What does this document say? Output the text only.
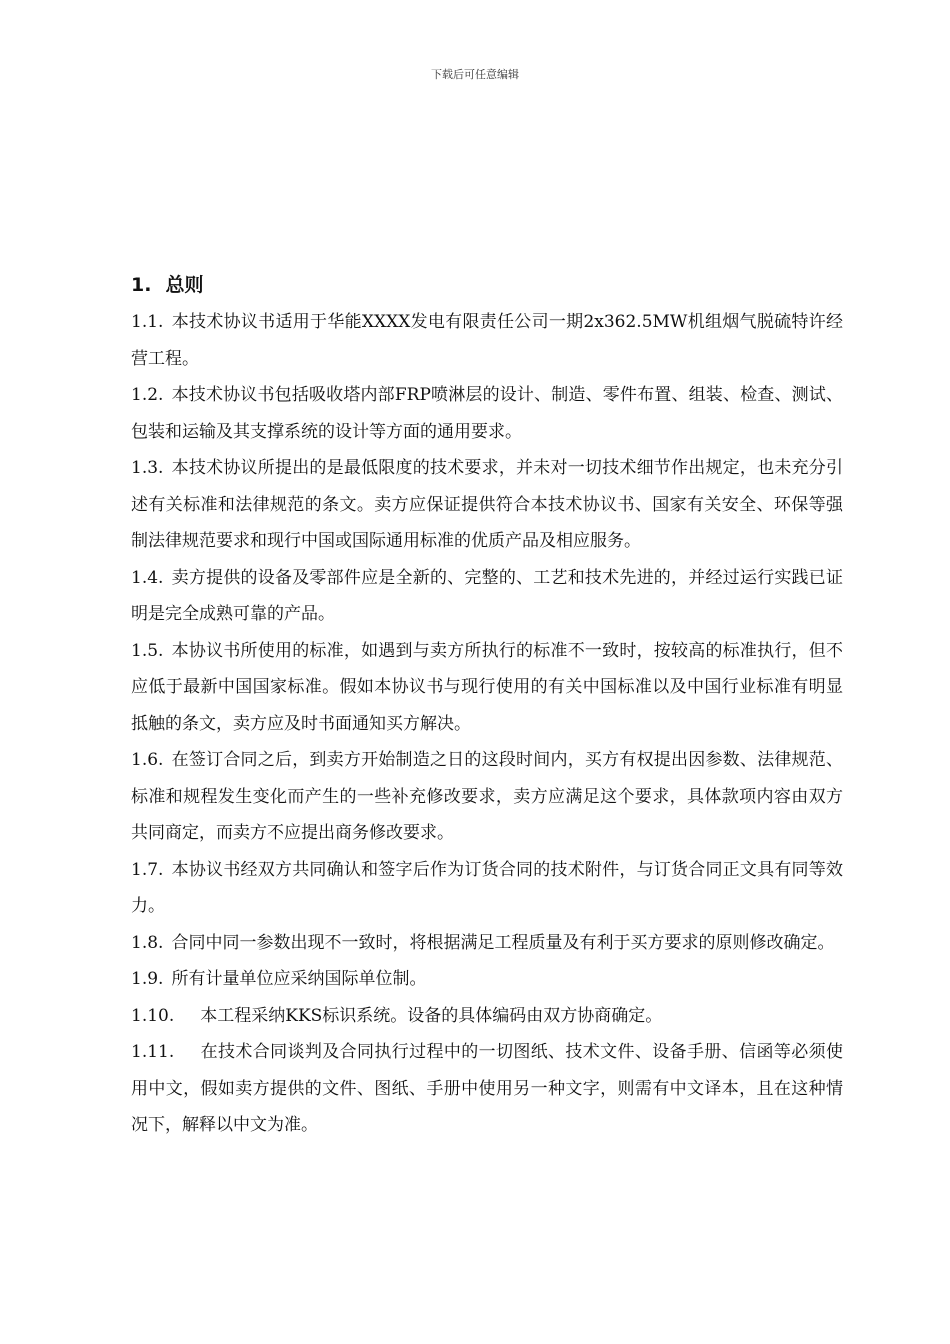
下载后可任意编辑
1. 总则

1.1. 本技术协议书适用于华能XXXX发电有限责任公司一期2x362.5MW机组烟气脱硫特许经营工程。

1.2. 本技术协议书包括吸收塔内部FRP喷淋层的设计、制造、零件布置、组装、检查、测试、包装和运输及其支撑系统的设计等方面的通用要求。

1.3. 本技术协议所提出的是最低限度的技术要求，并未对一切技术细节作出规定，也未充分引述有关标准和法律规范的条文。卖方应保证提供符合本技术协议书、国家有关安全、环保等强制法律规范要求和现行中国或国际通用标准的优质产品及相应服务。

1.4. 卖方提供的设备及零部件应是全新的、完整的、工艺和技术先进的，并经过运行实践已证明是完全成熟可靠的产品。

1.5. 本协议书所使用的标准，如遇到与卖方所执行的标准不一致时，按较高的标准执行，但不应低于最新中国国家标准。假如本协议书与现行使用的有关中国标准以及中国行业标准有明显抵触的条文，卖方应及时书面通知买方解决。

1.6. 在签订合同之后，到卖方开始制造之日的这段时间内，买方有权提出因参数、法律规范、标准和规程发生变化而产生的一些补充修改要求，卖方应满足这个要求，具体款项内容由双方共同商定，而卖方不应提出商务修改要求。

1.7. 本协议书经双方共同确认和签字后作为订货合同的技术附件，与订货合同正文具有同等效力。

1.8. 合同中同一参数出现不一致时，将根据满足工程质量及有利于买方要求的原则修改确定。

1.9. 所有计量单位应采纳国际单位制。

1.10. 本工程采纳KKS标识系统。设备的具体编码由双方协商确定。

1.11. 在技术合同谈判及合同执行过程中的一切图纸、技术文件、设备手册、信函等必须使用中文，假如卖方提供的文件、图纸、手册中使用另一种文字，则需有中文译本，且在这种情况下，解释以中文为准。
